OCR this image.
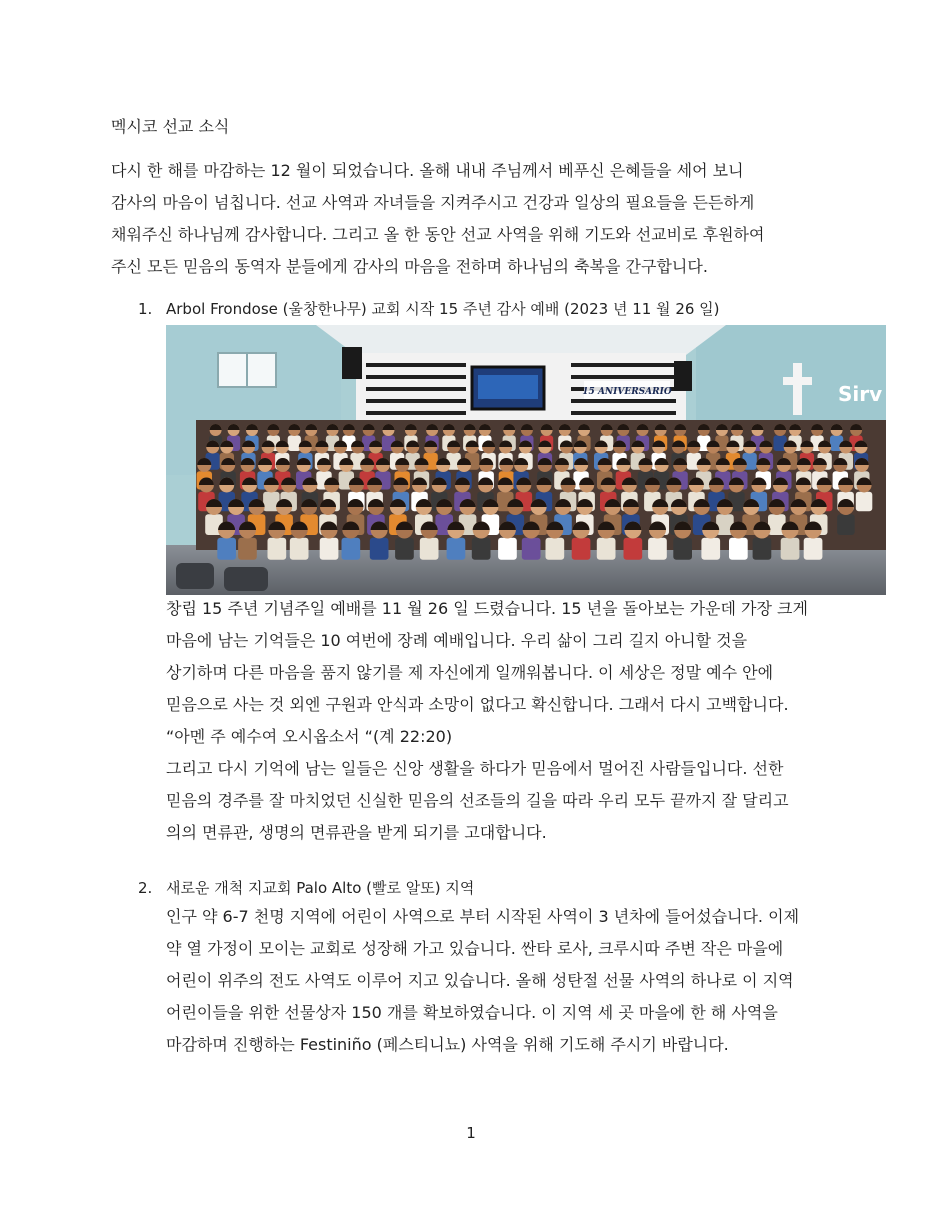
멕시코 선교 소식
다시 한 해를 마감하는 12 월이 되었습니다. 올해 내내 주님께서 베푸신 은혜들을 세어 보니
감사의 마음이 넘칩니다. 선교 사역과 자녀들을 지켜주시고 건강과 일상의 필요들을 든든하게
채워주신 하나님께 감사합니다. 그리고 올 한 동안 선교 사역을 위해 기도와 선교비로 후원하여
주신 모든 믿음의 동역자 분들에게 감사의 마음을 전하며 하나님의 축복을 간구합니다.
1. Arbol Frondose (울창한나무) 교회 시작 15 주년 감사 예배 (2023 년 11 월 26 일)
15 ANIVERSARIO	Sirv
창립 15 주년 기념주일 예배를 11 월 26 일 드렸습니다. 15 년을 돌아보는 가운데 가장 크게
마음에 남는 기억들은 10 여번에 장례 예배입니다. 우리 삶이 그리 길지 아니할 것을
상기하며 다른 마음을 품지 않기를 제 자신에게 일깨워봅니다. 이 세상은 정말 예수 안에
믿음으로 사는 것 외엔 구원과 안식과 소망이 없다고 확신합니다. 그래서 다시 고백합니다.
“아멘 주 예수여 오시옵소서 “(계 22:20)
그리고 다시 기억에 남는 일들은 신앙 생활을 하다가 믿음에서 멀어진 사람들입니다. 선한
믿음의 경주를 잘 마치었던 신실한 믿음의 선조들의 길을 따라 우리 모두 끝까지 잘 달리고
의의 면류관, 생명의 면류관을 받게 되기를 고대합니다.
2. 새로운 개척 지교회 Palo Alto (빨로 알또) 지역
인구 약 6-7 천명 지역에 어린이 사역으로 부터 시작된 사역이 3 년차에 들어섰습니다. 이제
약 열 가정이 모이는 교회로 성장해 가고 있습니다. 싼타 로사, 크루시따 주변 작은 마을에
어린이 위주의 전도 사역도 이루어 지고 있습니다. 올해 성탄절 선물 사역의 하나로 이 지역
어린이들을 위한 선물상자 150 개를 확보하였습니다. 이 지역 세 곳 마을에 한 해 사역을
마감하며 진행하는 Festiniño (페스티니뇨) 사역을 위해 기도해 주시기 바랍니다.
1
